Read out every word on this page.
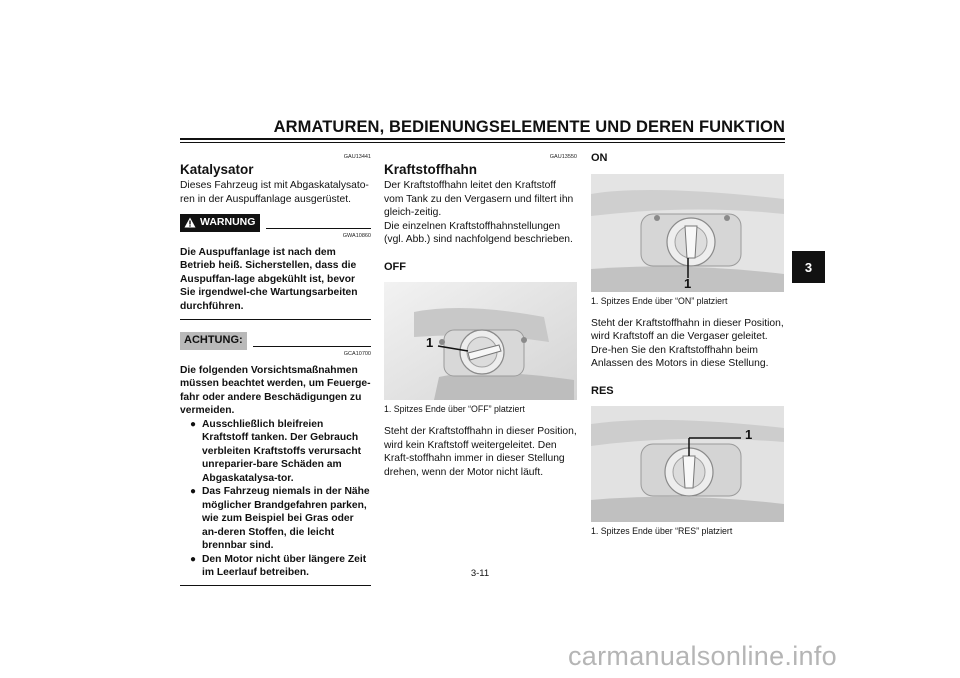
ARMATUREN, BEDIENUNGSELEMENTE UND DEREN FUNKTION
3
GAU13441
Katalysator

Dieses Fahrzeug ist mit Abgaskatalysato-ren in der Auspuffanlage ausgerüstet.

WARNUNG
GWA10860

Die Auspuffanlage ist nach dem Betrieb heiß. Sicherstellen, dass die Auspuffan-lage abgekühlt ist, bevor Sie irgendwel-che Wartungsarbeiten durchführen.

ACHTUNG:
GCA10700

Die folgenden Vorsichtsmaßnahmen müssen beachtet werden, um Feuerge-fahr oder andere Beschädigungen zu vermeiden.

● Ausschließlich bleifreien Kraftstoff tanken. Der Gebrauch verbleiten Kraftstoffs verursacht unreparier-bare Schäden am Abgaskatalysa-tor.
● Das Fahrzeug niemals in der Nähe möglicher Brandgefahren parken, wie zum Beispiel bei Gras oder an-deren Stoffen, die leicht brennbar sind.
● Den Motor nicht über längere Zeit im Leerlauf betreiben.
GAU13550
Kraftstoffhahn

Der Kraftstoffhahn leitet den Kraftstoff vom Tank zu den Vergasern und filtert ihn gleich-zeitig.

Die einzelnen Kraftstoffhahnstellungen (vgl. Abb.) sind nachfolgend beschrieben.

OFF

1

1. Spitzes Ende über “OFF” platziert

Steht der Kraftstoffhahn in dieser Position, wird kein Kraftstoff weitergeleitet. Den Kraft-stoffhahn immer in dieser Stellung drehen, wenn der Motor nicht läuft.

ON

1

1. Spitzes Ende über “ON” platziert

Steht der Kraftstoffhahn in dieser Position, wird Kraftstoff an die Vergaser geleitet. Dre-hen Sie den Kraftstoffhahn beim Anlassen des Motors in diese Stellung.

RES

1

1. Spitzes Ende über “RES” platziert

3-11
carmanualsonline.info
